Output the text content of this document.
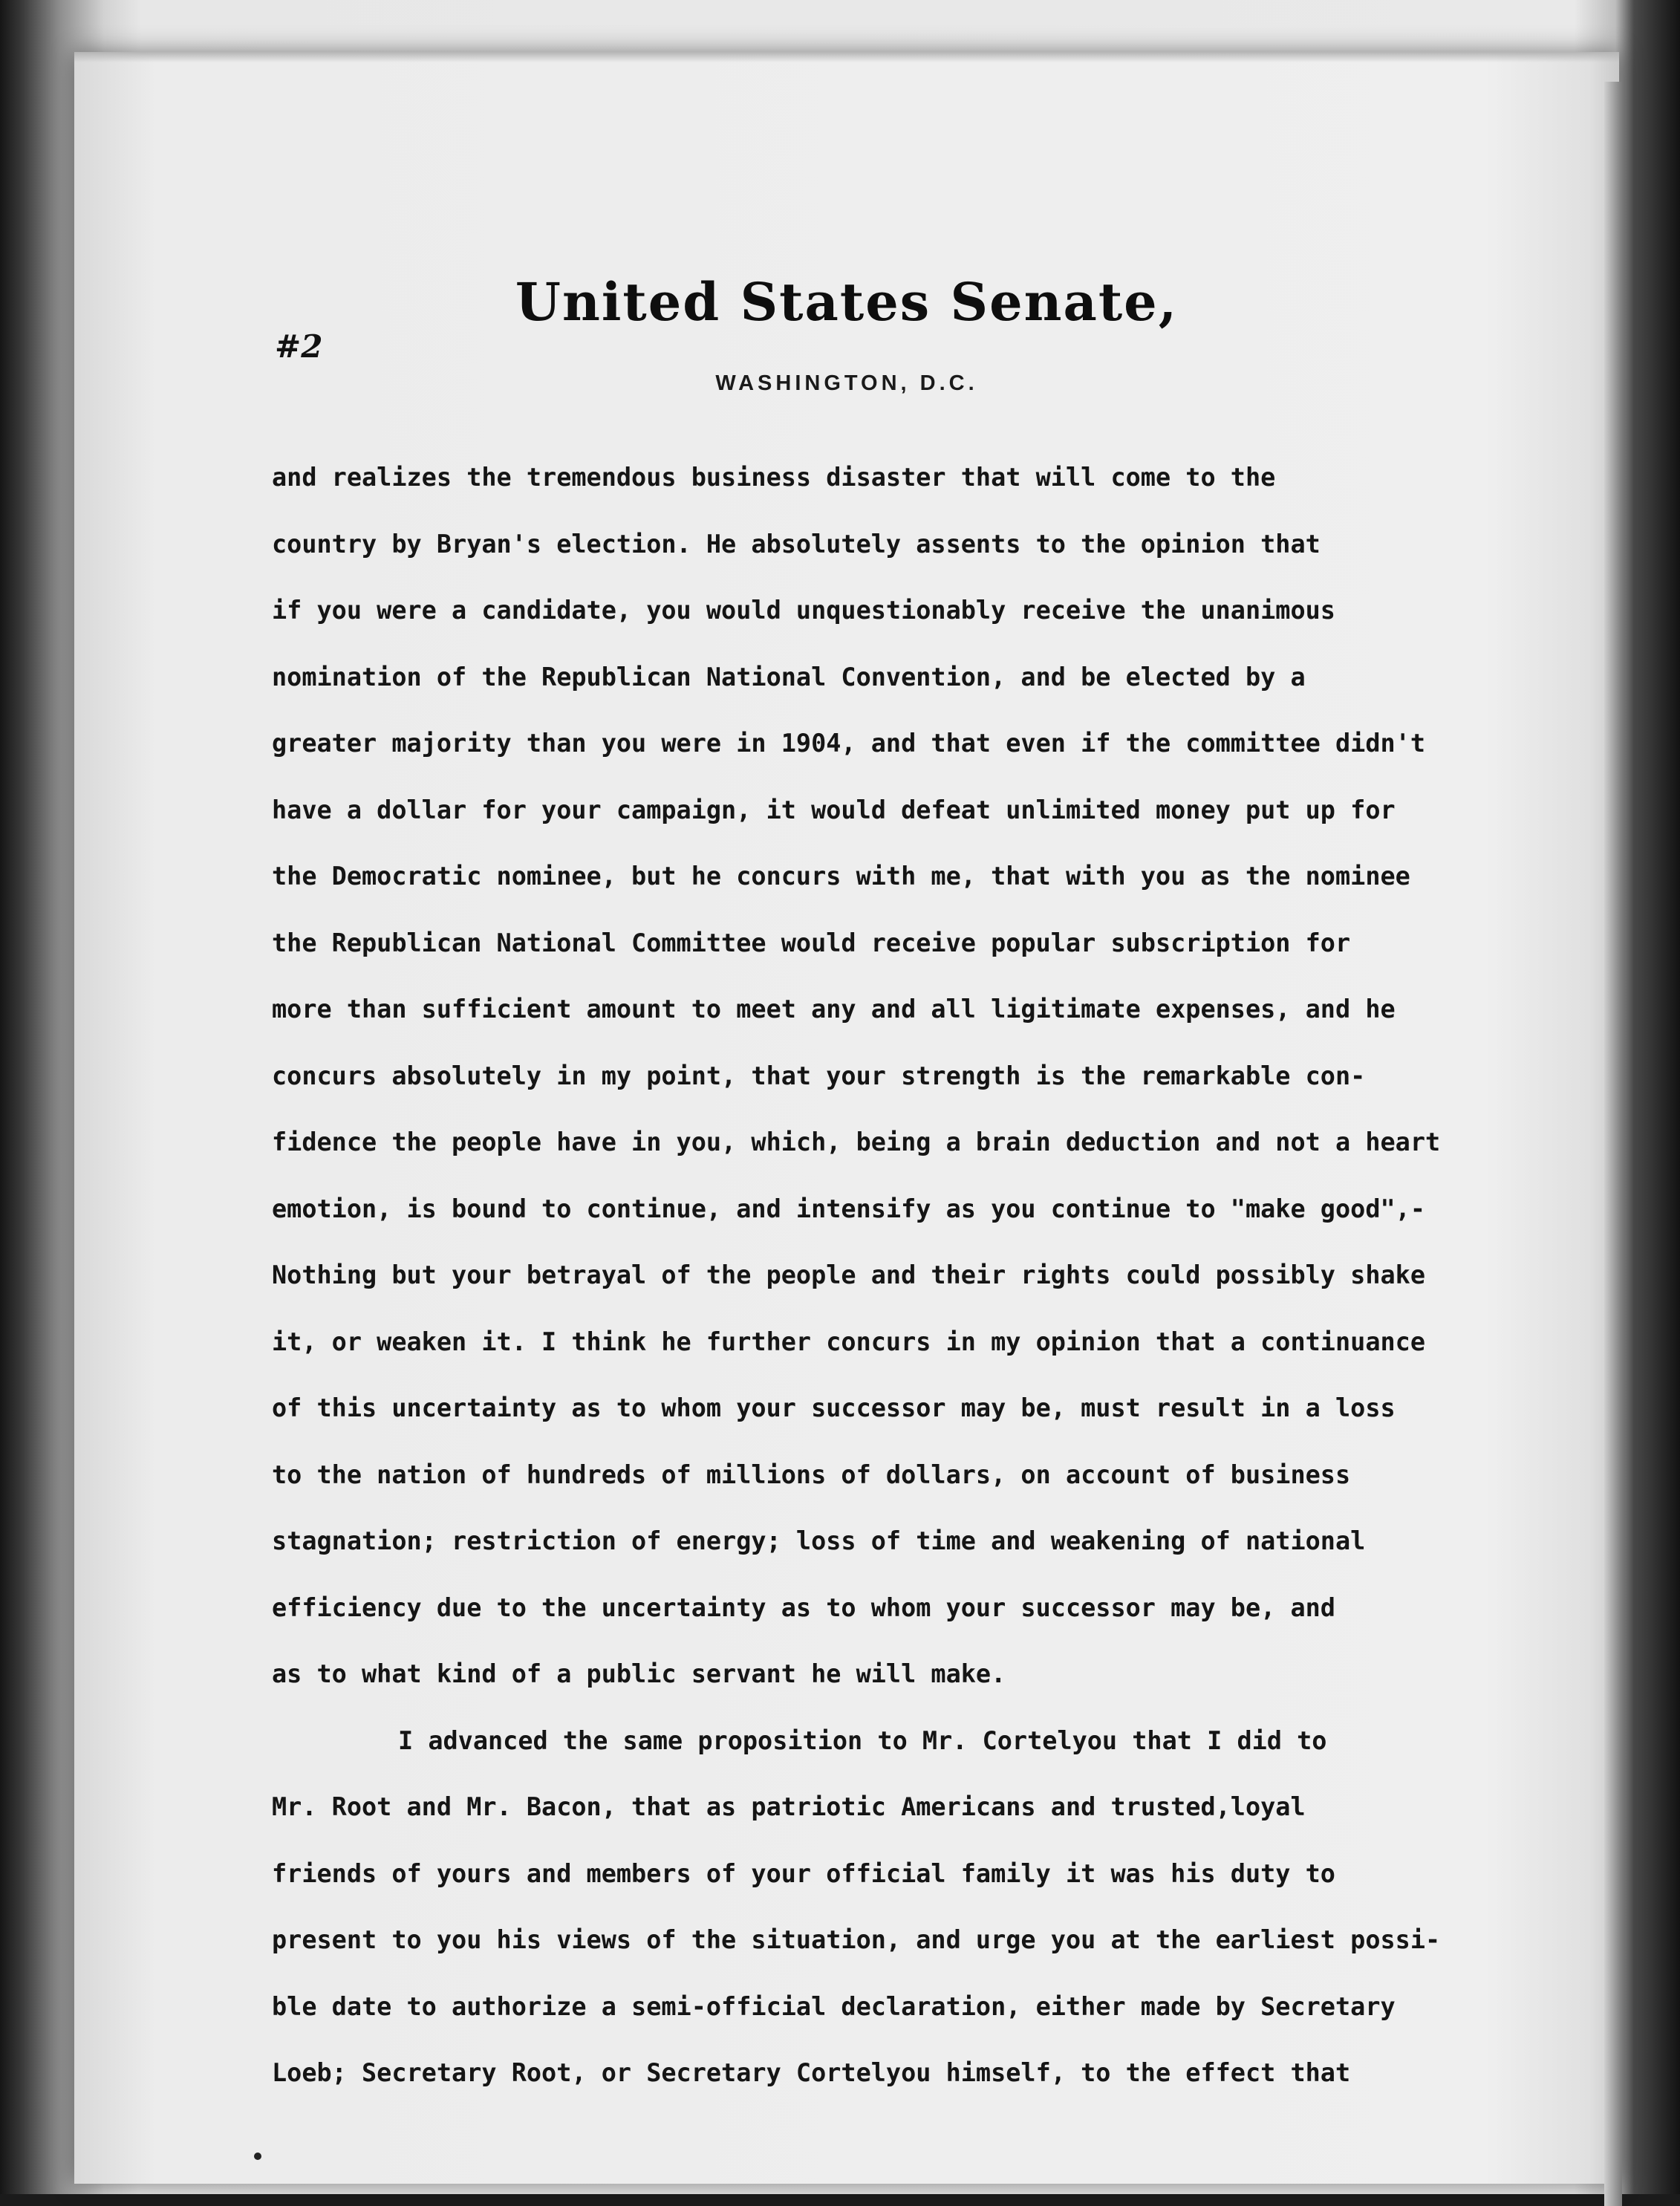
United States Senate,
WASHINGTON, D.C.
#2
and realizes the tremendous business disaster that will come to the
country by Bryan's election. He absolutely assents to the opinion that
if you were a candidate, you would unquestionably receive the unanimous
nomination of the Republican National Convention, and be elected by a
greater majority than you were in 1904, and that even if the committee didn't
have a dollar for your campaign, it would defeat unlimited money put up for
the Democratic nominee, but he concurs with me, that with you as the nominee
the Republican National Committee would receive popular subscription for
more than sufficient amount to meet any and all ligitimate expenses, and he
concurs absolutely in my point, that your strength is the remarkable con-
fidence the people have in you, which, being a brain deduction and not a heart
emotion, is bound to continue, and intensify as you continue to "make good",-
Nothing but your betrayal of the people and their rights could possibly shake
it, or weaken it. I think he further concurs in my opinion that a continuance
of this uncertainty as to whom your successor may be, must result in a loss
to the nation of hundreds of millions of dollars, on account of business
stagnation; restriction of energy; loss of time and weakening of national
efficiency due to the uncertainty as to whom your successor may be, and
as to what kind of a public servant he will make.
I advanced the same proposition to Mr. Cortelyou that I did to
Mr. Root and Mr. Bacon, that as patriotic Americans and trusted,loyal
friends of yours and members of your official family it was his duty to
present to you his views of the situation, and urge you at the earliest possi-
ble date to authorize a semi-official declaration, either made by Secretary
Loeb; Secretary Root, or Secretary Cortelyou himself, to the effect that
